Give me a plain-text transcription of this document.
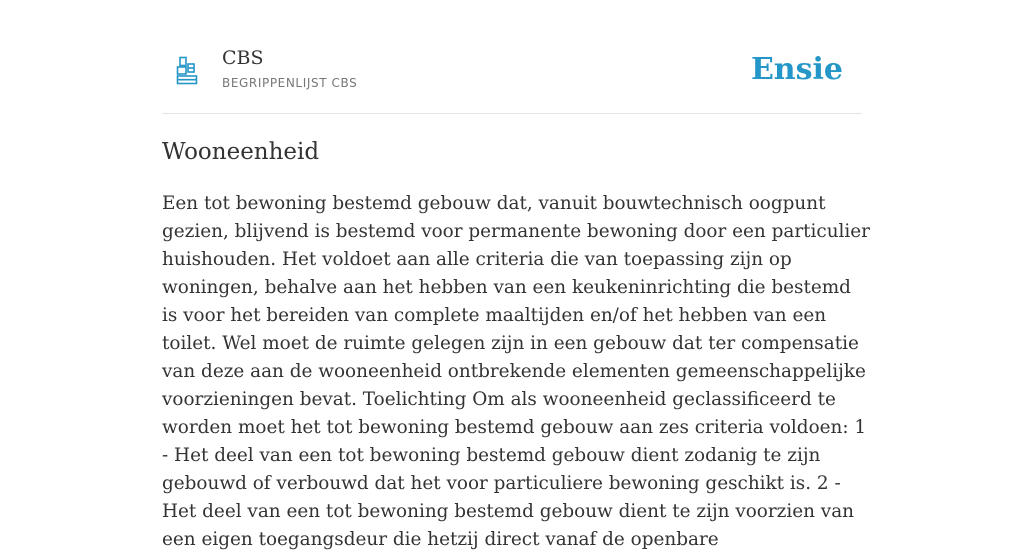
CBS
BEGRIPPENLIJST CBS	Ensie
Wooneenheid

Een tot bewoning bestemd gebouw dat, vanuit bouwtechnisch oogpunt gezien, blijvend is bestemd voor permanente bewoning door een particulier huishouden. Het voldoet aan alle criteria die van toepassing zijn op woningen, behalve aan het hebben van een keukeninrichting die bestemd is voor het bereiden van complete maaltijden en/of het hebben van een toilet. Wel moet de ruimte gelegen zijn in een gebouw dat ter compensatie van deze aan de wooneenheid ontbrekende elementen gemeenschappelijke voorzieningen bevat. Toelichting Om als wooneenheid geclassificeerd te worden moet het tot bewoning bestemd gebouw aan zes criteria voldoen: 1 - Het deel van een tot bewoning bestemd gebouw dient zodanig te zijn gebouwd of verbouwd dat het voor particuliere bewoning geschikt is. 2 - Het deel van een tot bewoning bestemd gebouw dient te zijn voorzien van een eigen toegangsdeur die hetzij direct vanaf de openbare
